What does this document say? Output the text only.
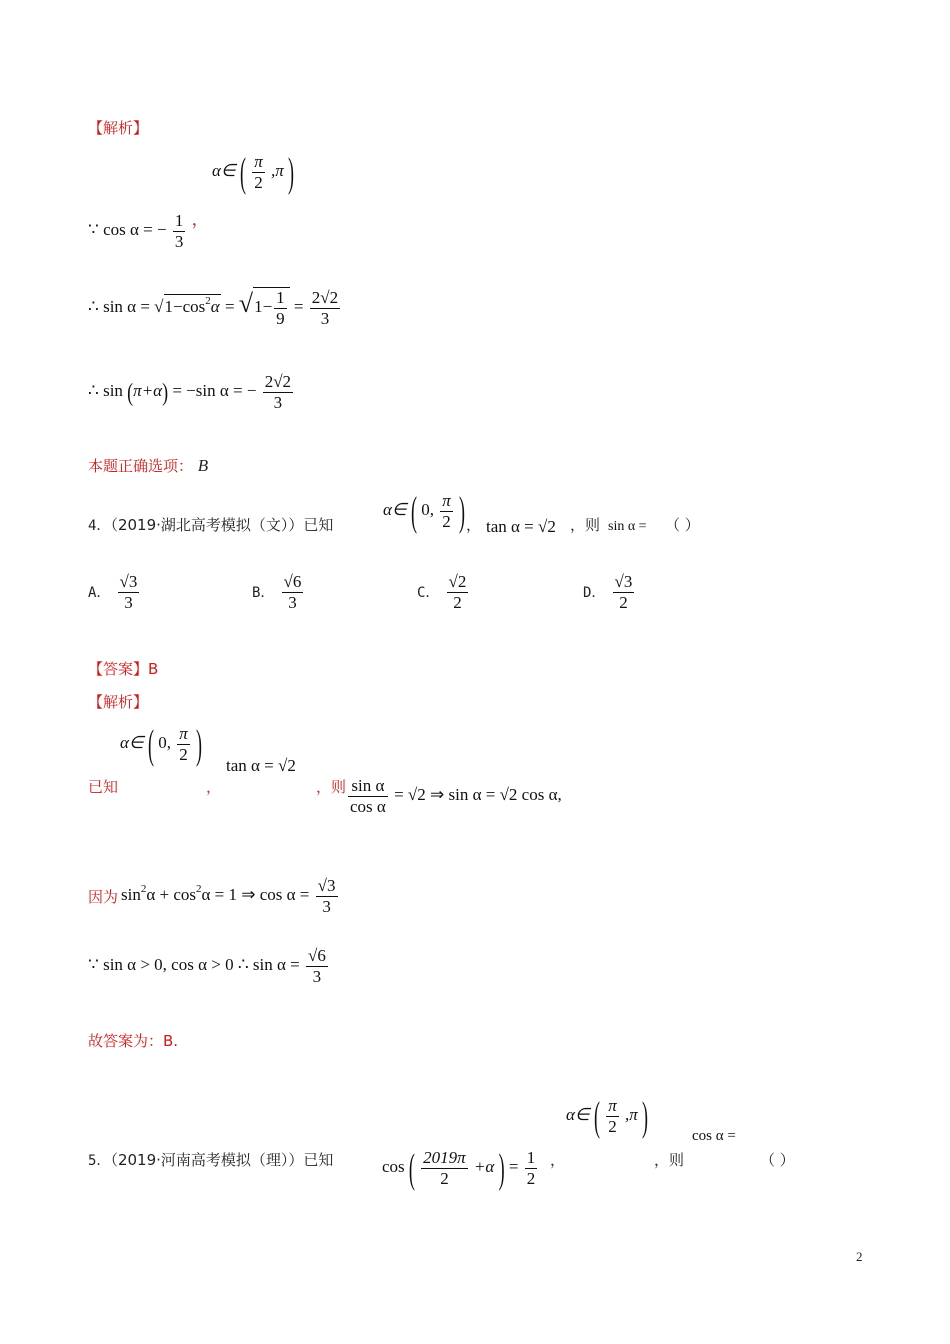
【解析】
α∈ ( $\frac{\pi}{2} ,\pi$ )
∵ cos α = − $\frac{1}{3}$ ，
∴ $\sin \alpha = √1-\cos^2\alpha = √1- \frac{1}{9} = \frac{2√2}{3}$
∴ sin (π+α) = −sin α = − $\frac{2√2}{3}$
本题正确选项： B
4．（2019·湖北高考模拟（文））已知
α∈ ( 0, $\frac{\pi}{2}$ ) ， tan α = √2 ，则 sin α = （ ）
A． $\frac{√3}{3}$	B． $\frac{√6}{3}$	C． $\frac{√2}{2}$	D． $\frac{√3}{2}$
【答案】B
【解析】
α∈ ( 0, $\frac{\pi}{2}$ ) tan α = √2
已知	，	，则 $\frac{\text{sin α}}{\text{cos α}} = √2$ ⇒ sin α = √2 cos α,
因为 $\sin^2\alpha + \cos^2\alpha = 1$ ⇒ $\cos \alpha = \frac{√3}{3}$
∵ sin α > 0, cos α > 0 ∴ $\sin \alpha = \frac{√6}{3}$
故答案为：B.
α∈ ( $\frac{\pi}{2} ,\pi$ )	cos α =
5．（2019·河南高考模拟（理））已知	cos ( $\frac{2019\pi}{2} +\alpha$ ) = $\frac{1}{2}$ ，	，则	（ ）
2
